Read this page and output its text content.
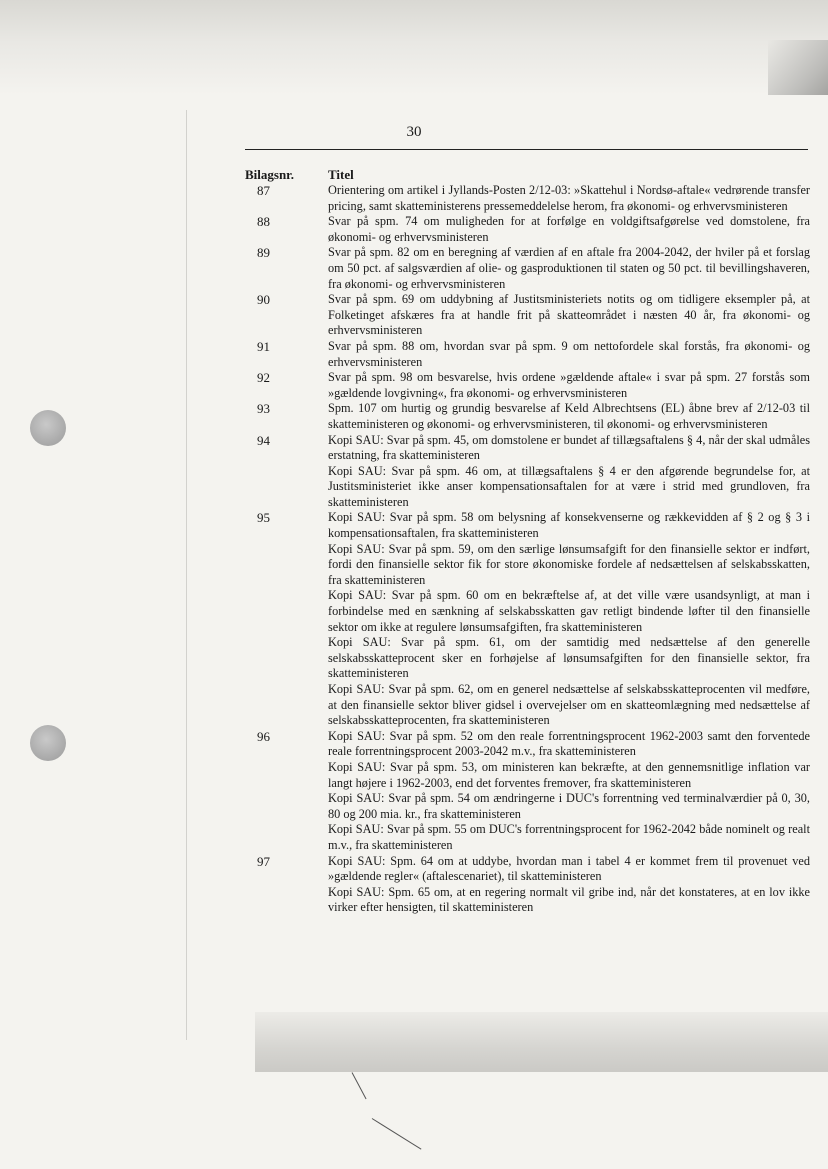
30
Bilagsnr.	Titel
87	Orientering om artikel i Jyllands-Posten 2/12-03: »Skattehul i Nordsø-aftale« vedrørende transfer pricing, samt skatteministerens pressemeddelelse herom, fra økonomi- og erhvervsministeren
88	Svar på spm. 74 om muligheden for at forfølge en voldgiftsafgørelse ved domstolene, fra økonomi- og erhvervsministeren
89	Svar på spm. 82 om en beregning af værdien af en aftale fra 2004-2042, der hviler på et forslag om 50 pct. af salgsværdien af olie- og gasproduktionen til staten og 50 pct. til bevillingshaveren, fra økonomi- og erhvervsministeren
90	Svar på spm. 69 om uddybning af Justitsministeriets notits og om tidligere eksempler på, at Folketinget afskæres fra at handle frit på skatteområdet i næsten 40 år, fra økonomi- og erhvervsministeren
91	Svar på spm. 88 om, hvordan svar på spm. 9 om nettofordele skal forstås, fra økonomi- og erhvervsministeren
92	Svar på spm. 98 om besvarelse, hvis ordene »gældende aftale« i svar på spm. 27 forstås som »gældende lovgivning«, fra økonomi- og erhvervsministeren
93	Spm. 107 om hurtig og grundig besvarelse af Keld Albrechtsens (EL) åbne brev af 2/12-03 til skatteministeren og økonomi- og erhvervsministeren, til økonomi- og erhvervsministeren
94	Kopi SAU: Svar på spm. 45, om domstolene er bundet af tillægsaftalens § 4, når der skal udmåles erstatning, fra skatteministeren
Kopi SAU: Svar på spm. 46 om, at tillægsaftalens § 4 er den afgørende begrundelse for, at Justitsministeriet ikke anser kompensationsaftalen for at være i strid med grundloven, fra skatteministeren
95	Kopi SAU: Svar på spm. 58 om belysning af konsekvenserne og rækkevidden af § 2 og § 3 i kompensationsaftalen, fra skatteministeren
Kopi SAU: Svar på spm. 59, om den særlige lønsumsafgift for den finansielle sektor er indført, fordi den finansielle sektor fik for store økonomiske fordele af nedsættelsen af selskabsskatten, fra skatteministeren
Kopi SAU: Svar på spm. 60 om en bekræftelse af, at det ville være usandsynligt, at man i forbindelse med en sænkning af selskabsskatten gav retligt bindende løfter til den finansielle sektor om ikke at regulere lønsumsafgiften, fra skatteministeren
Kopi SAU: Svar på spm. 61, om der samtidig med nedsættelse af den generelle selskabsskatteprocent sker en forhøjelse af lønsumsafgiften for den finansielle sektor, fra skatteministeren
Kopi SAU: Svar på spm. 62, om en generel nedsættelse af selskabsskatteprocenten vil medføre, at den finansielle sektor bliver gidsel i overvejelser om en skatteomlægning med nedsættelse af selskabsskatteprocenten, fra skatteministeren
96	Kopi SAU: Svar på spm. 52 om den reale forrentningsprocent 1962-2003 samt den forventede reale forrentningsprocent 2003-2042 m.v., fra skatteministeren
Kopi SAU: Svar på spm. 53, om ministeren kan bekræfte, at den gennemsnitlige inflation var langt højere i 1962-2003, end det forventes fremover, fra skatteministeren
Kopi SAU: Svar på spm. 54 om ændringerne i DUC's forrentning ved terminalværdier på 0, 30, 80 og 200 mia. kr., fra skatteministeren
Kopi SAU: Svar på spm. 55 om DUC's forrentningsprocent for 1962-2042 både nominelt og realt m.v., fra skatteministeren
97	Kopi SAU: Spm. 64 om at uddybe, hvordan man i tabel 4 er kommet frem til provenuet ved »gældende regler« (aftalescenariet), til skatteministeren
Kopi SAU: Spm. 65 om, at en regering normalt vil gribe ind, når det konstateres, at en lov ikke virker efter hensigten, til skatteministeren
